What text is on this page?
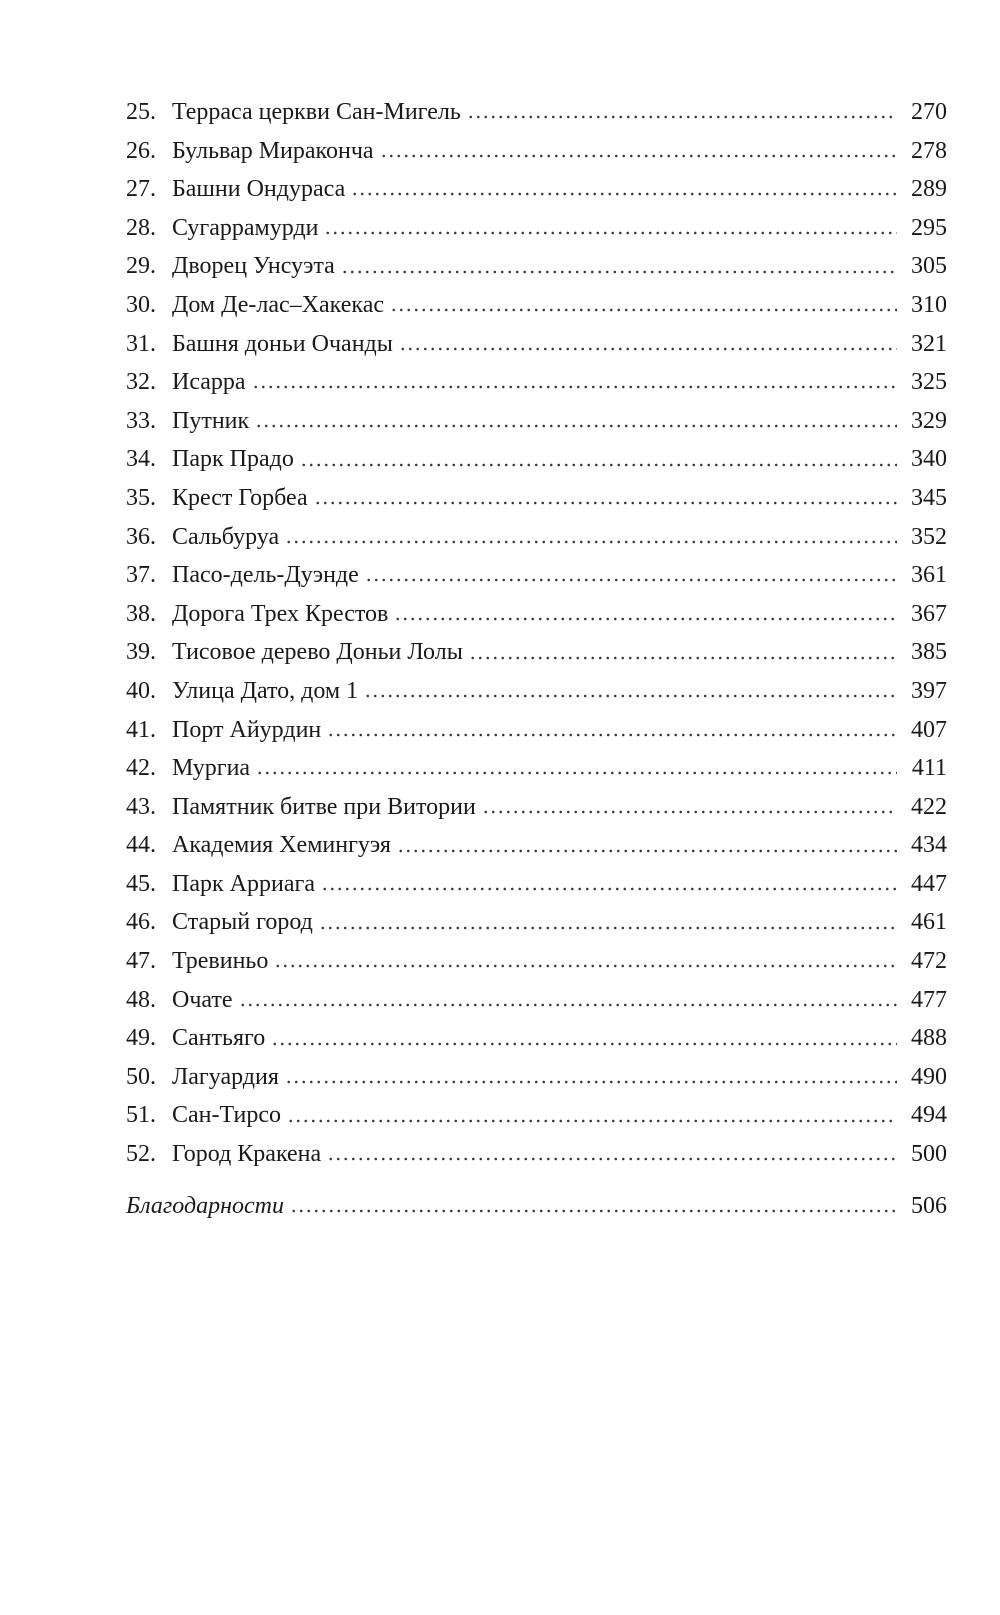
25. Терраса церкви Сан-Мигель	270
26. Бульвар Мираконча	278
27. Башни Ондураса	289
28. Сугаррамурди	295
29. Дворец Унсуэта	305
30. Дом Де-лас–Хакекас	310
31. Башня доньи Очанды	321
32. Исарра	325
33. Путник	329
34. Парк Прадо	340
35. Крест Горбеа	345
36. Сальбуруа	352
37. Пасо-дель-Дуэнде	361
38. Дорога Трех Крестов	367
39. Тисовое дерево Доньи Лолы	385
40. Улица Дато, дом 1	397
41. Порт Айурдин	407
42. Мургиа	411
43. Памятник битве при Витории	422
44. Академия Хемингуэя	434
45. Парк Арриага	447
46. Старый город	461
47. Тревиньо	472
48. Очате	477
49. Сантьяго	488
50. Лагуардия	490
51. Сан-Тирсо	494
52. Город Кракена	500
Благодарности	506
